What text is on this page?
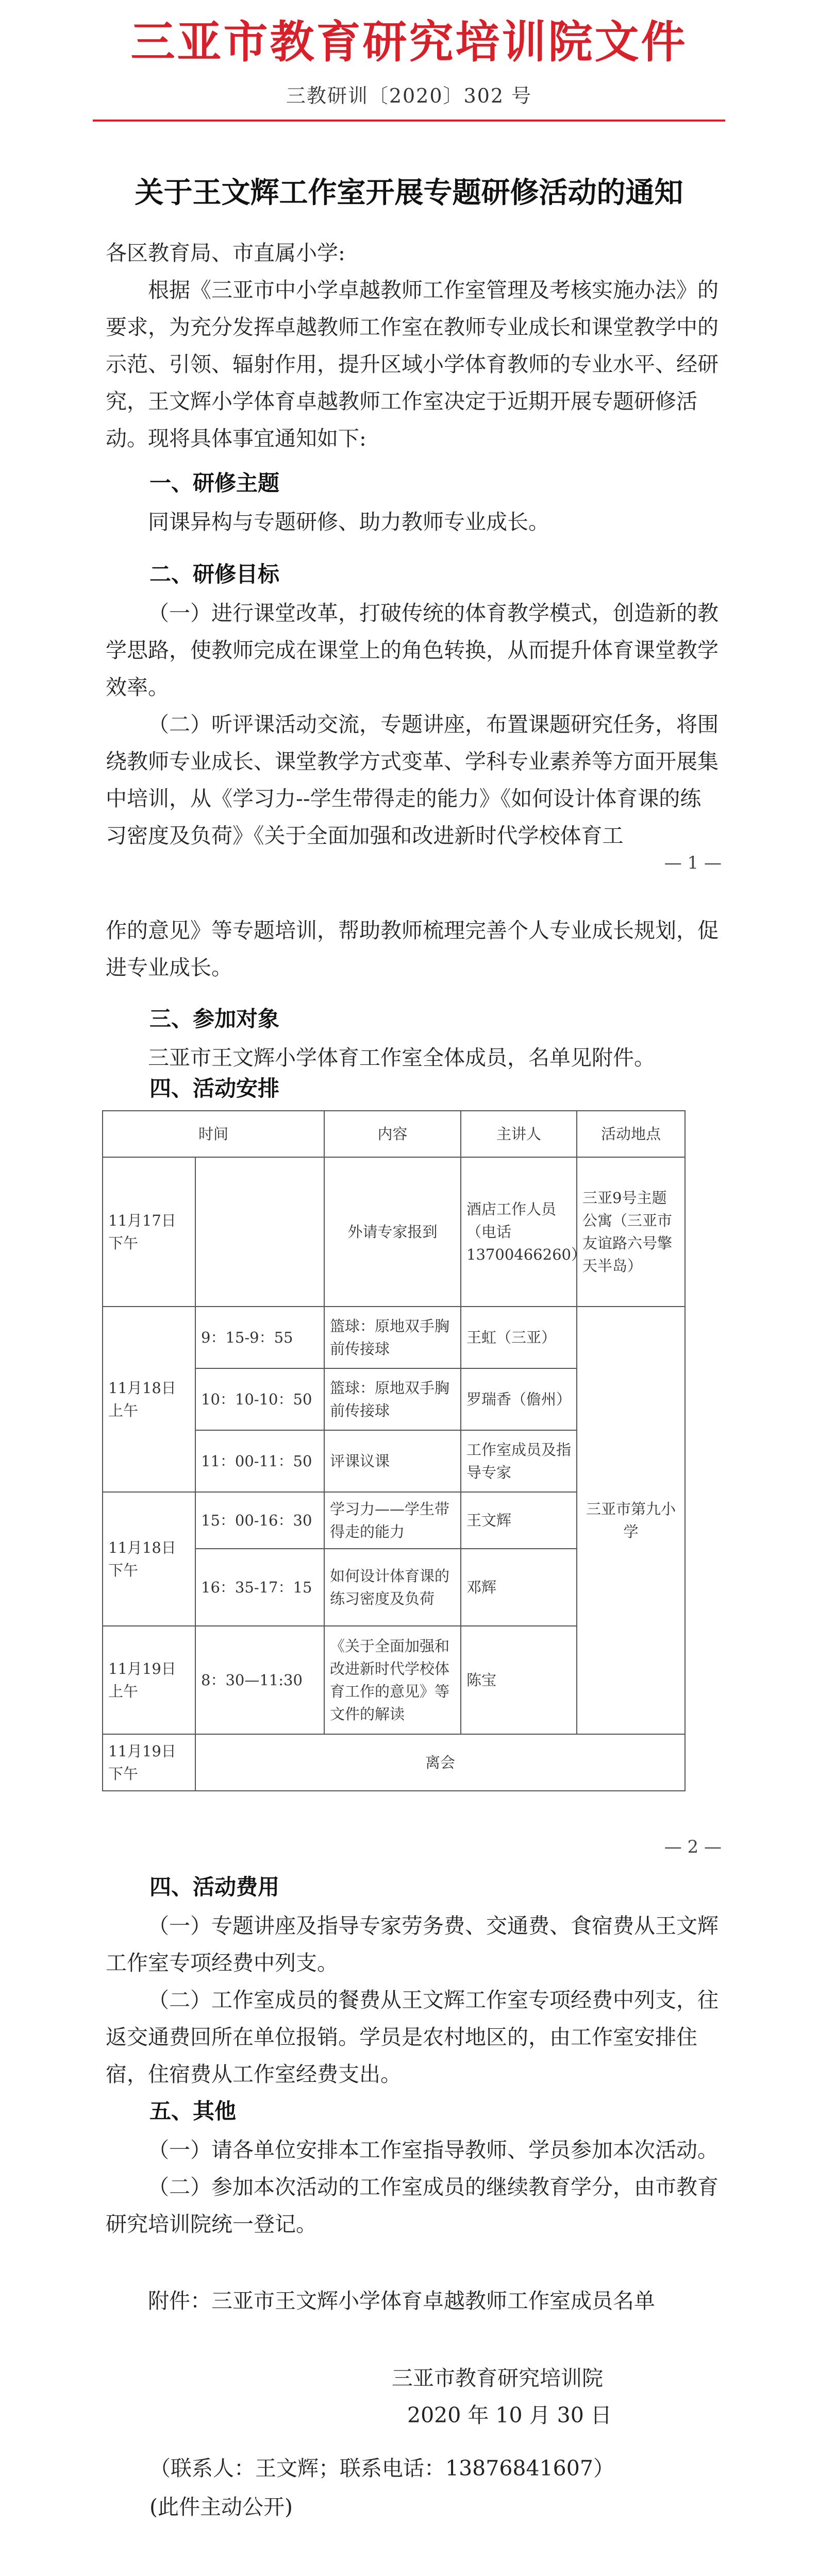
三亚市教育研究培训院文件
三教研训〔2020〕302 号
关于王文辉工作室开展专题研修活动的通知
各区教育局、市直属小学:
根据《三亚市中小学卓越教师工作室管理及考核实施办法》的要求，为充分发挥卓越教师工作室在教师专业成长和课堂教学中的示范、引领、辐射作用，提升区域小学体育教师的专业水平、经研究，王文辉小学体育卓越教师工作室决定于近期开展专题研修活动。现将具体事宜通知如下:
一、研修主题
同课异构与专题研修、助力教师专业成长。
二、研修目标
（一）进行课堂改革，打破传统的体育教学模式，创造新的教学思路，使教师完成在课堂上的角色转换，从而提升体育课堂教学效率。
（二）听评课活动交流，专题讲座，布置课题研究任务，将围绕教师专业成长、课堂教学方式变革、学科专业素养等方面开展集中培训，从《学习力--学生带得走的能力》《如何设计体育课的练习密度及负荷》《关于全面加强和改进新时代学校体育工
— 1 —
作的意见》等专题培训，帮助教师梳理完善个人专业成长规划，促进专业成长。
三、参加对象
三亚市王文辉小学体育工作室全体成员，名单见附件。
四、活动安排
时间		内容	主讲人	活动地点
11月17日
下午		外请专家报到	酒店工作人员（电话13700466260）	三亚9号主题公寓（三亚市友谊路六号擎天半岛）
11月18日
上午	9：15-9：55	篮球：原地双手胸前传接球	王虹（三亚）	三亚市第九小学
	10：10-10：50	篮球：原地双手胸前传接球	罗瑞香（儋州）	
	11：00-11：50	评课议课	工作室成员及指导专家	
11月18日
下午	15：00-16：30	学习力——学生带得走的能力	王文辉	
	16：35-17：15	如何设计体育课的练习密度及负荷	邓辉	
11月19日
上午	8：30—11:30	《关于全面加强和改进新时代学校体育工作的意见》等文件的解读	陈宝	
11月19日
下午	离会			
— 2 —
四、活动费用
（一）专题讲座及指导专家劳务费、交通费、食宿费从王文辉工作室专项经费中列支。
（二）工作室成员的餐费从王文辉工作室专项经费中列支，往返交通费回所在单位报销。学员是农村地区的，由工作室安排住宿，住宿费从工作室经费支出。
五、其他
（一）请各单位安排本工作室指导教师、学员参加本次活动。
（二）参加本次活动的工作室成员的继续教育学分，由市教育研究培训院统一登记。
附件：三亚市王文辉小学体育卓越教师工作室成员名单
三亚市教育研究培训院
2020 年 10 月 30 日
（联系人：王文辉；联系电话：13876841607）
(此件主动公开)
